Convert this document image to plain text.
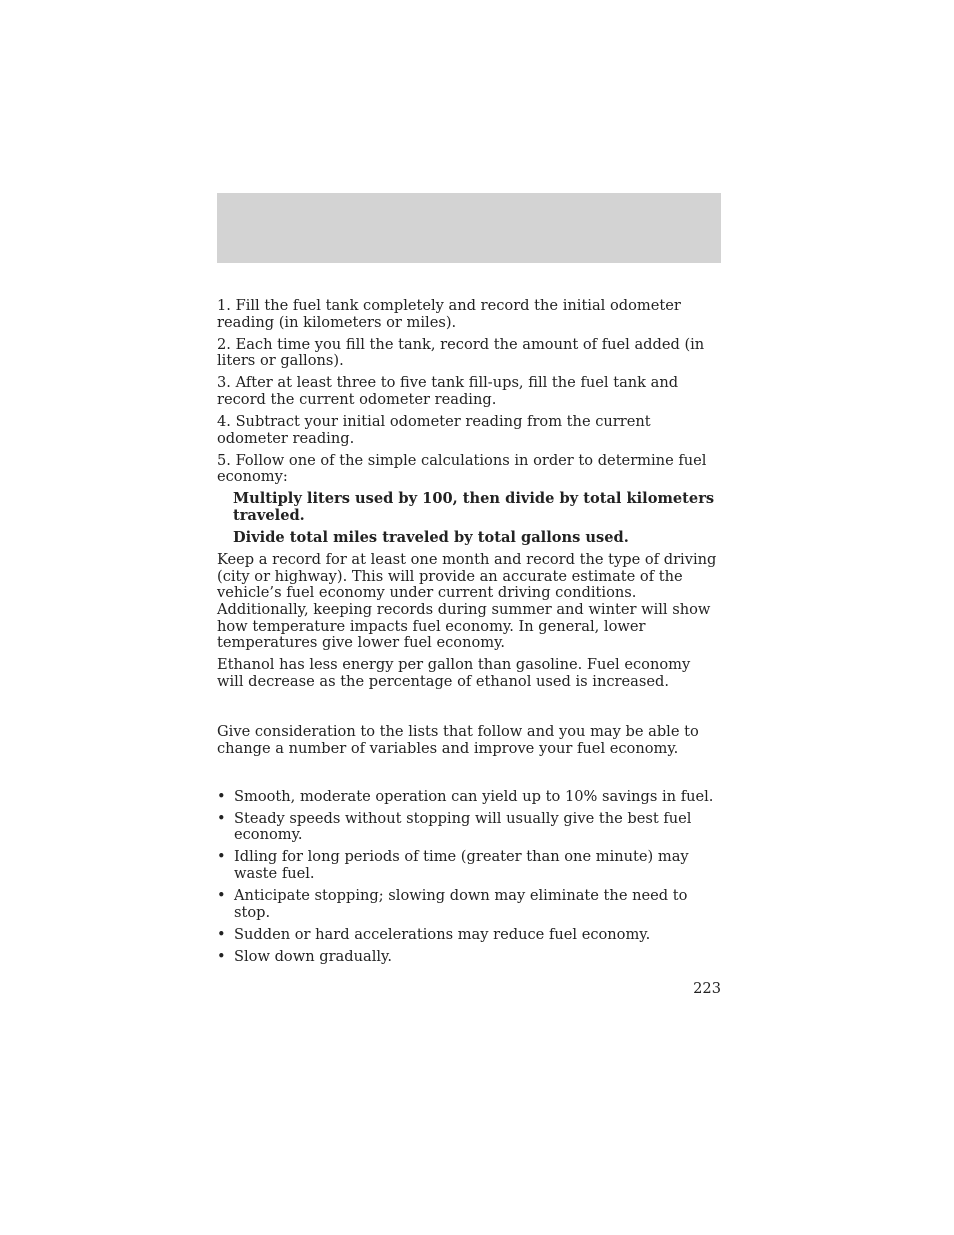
1. Fill the fuel tank completely and record the initial odometer reading (in kilometers or miles).

2. Each time you fill the tank, record the amount of fuel added (in liters or gallons).

3. After at least three to five tank fill-ups, fill the fuel tank and record the current odometer reading.

4. Subtract your initial odometer reading from the current odometer reading.

5. Follow one of the simple calculations in order to determine fuel economy:

Multiply liters used by 100, then divide by total kilometers traveled.

Divide total miles traveled by total gallons used.

Keep a record for at least one month and record the type of driving (city or highway). This will provide an accurate estimate of the vehicle’s fuel economy under current driving conditions. Additionally, keeping records during summer and winter will show how temperature impacts fuel economy. In general, lower temperatures give lower fuel economy.

Ethanol has less energy per gallon than gasoline. Fuel economy will decrease as the percentage of ethanol used is increased.

Give consideration to the lists that follow and you may be able to change a number of variables and improve your fuel economy.

• Smooth, moderate operation can yield up to 10% savings in fuel.
• Steady speeds without stopping will usually give the best fuel economy.
• Idling for long periods of time (greater than one minute) may waste fuel.
• Anticipate stopping; slowing down may eliminate the need to stop.
• Sudden or hard accelerations may reduce fuel economy.
• Slow down gradually.
223
